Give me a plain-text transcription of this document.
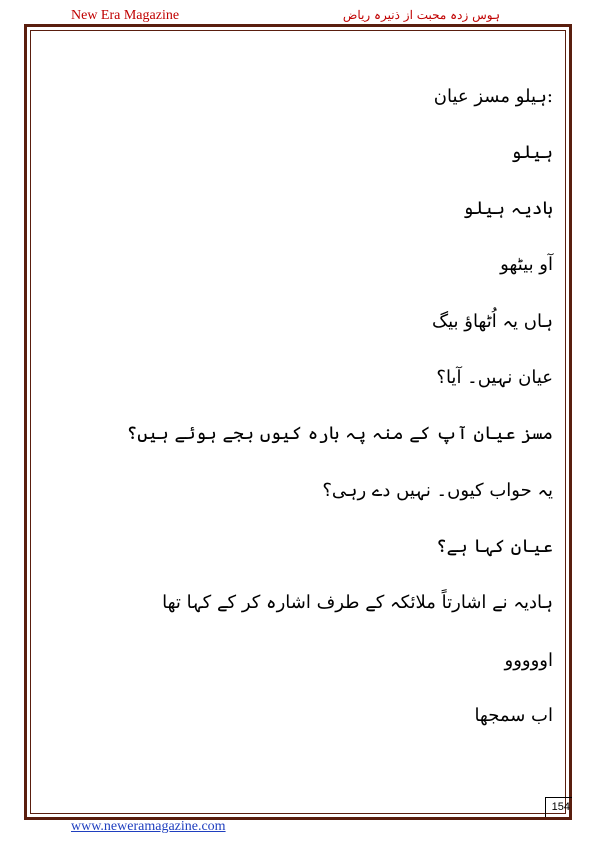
New Era Magazine	ہوس زدہ محبت از ذنیرہ ریاض
:ہیلو مسز عیان
ہیلو
ہادیہ ہیلو
آو بیٹھو
ہاں یہ اُٹھاؤ بیگ
عیان نہیں۔ آیا؟
مسز عیان آپ کے منہ پہ بارہ کیوں بجے ہوئے ہیں؟
یہ حواب کیوں۔ نہیں دے رہی؟
عیان کہا ہے؟
ہادیہ نے اشارتاً ملائکہ کے طرف اشارہ کر کے کہا تھا
اووووو
اب سمجھا
154
www.neweramagazine.com
